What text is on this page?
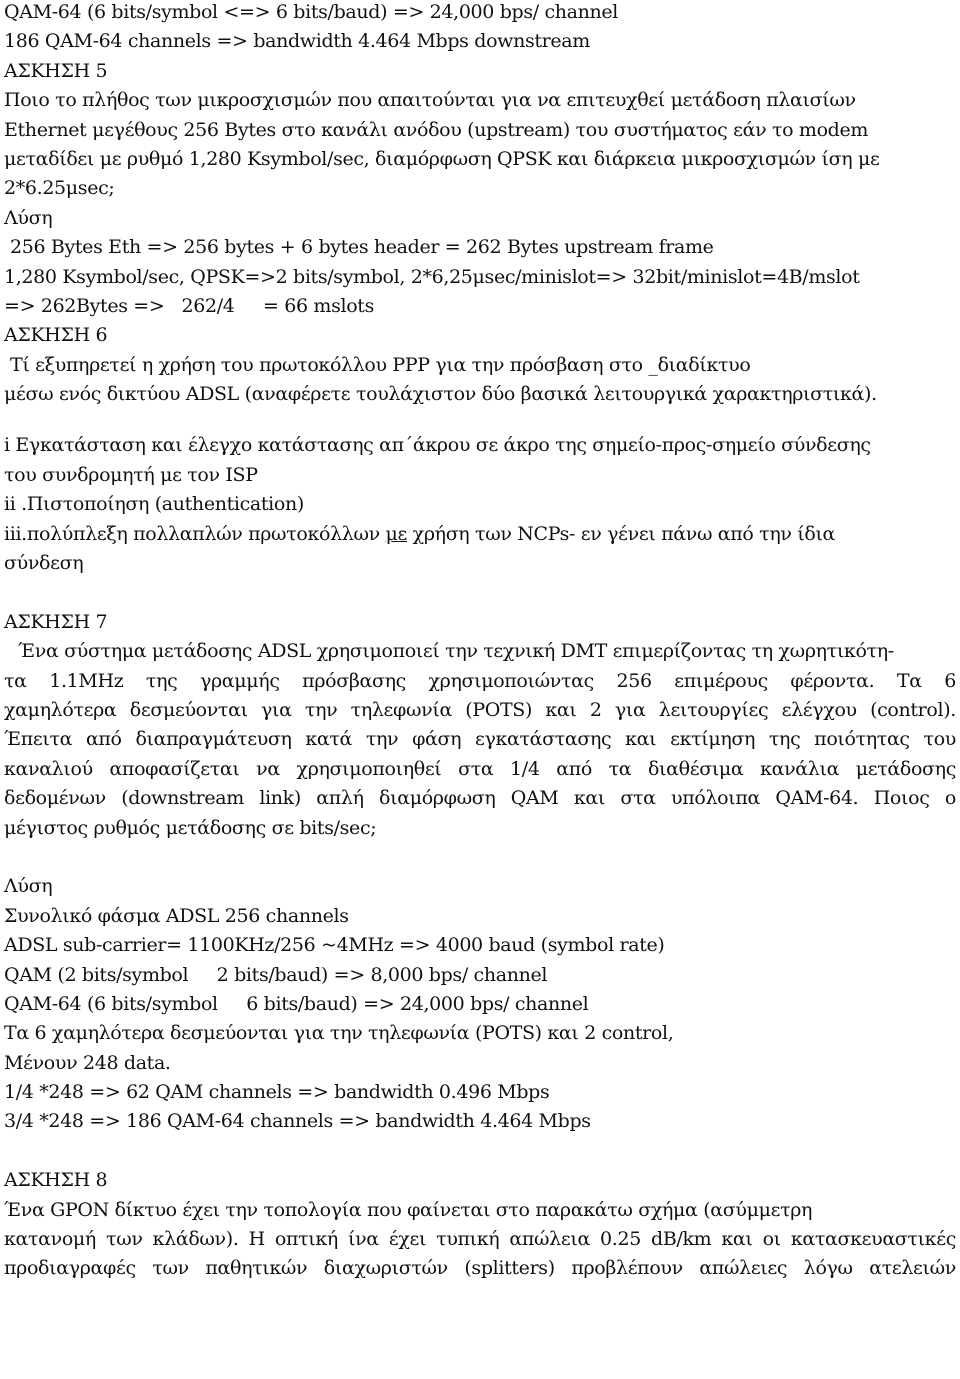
QAM-64 (6 bits/symbol <=> 6 bits/baud) => 24,000 bps/ channel
186 QAM-64 channels => bandwidth 4.464 Mbps downstream
ΑΣΚΗΣΗ 5
Ποιο το πλήθος των μικροσχισμών που απαιτούνται για να επιτευχθεί μετάδοση πλαισίων
Ethernet μεγέθους 256 Bytes στο κανάλι ανόδου (upstream) του συστήματος εάν το modem
μεταδίδει με ρυθμό 1,280 Ksymbol/sec, διαμόρφωση QPSK και διάρκεια μικροσχισμών ίση με
2*6.25μsec;
Λύση
256 Bytes Eth => 256 bytes + 6 bytes header = 262 Bytes upstream frame
1,280 Ksymbol/sec, QPSK=>2 bits/symbol, 2*6,25μsec/minislot=> 32bit/minislot=4B/mslot
=> 262Bytes =>   262/4     = 66 mslots
ΑΣΚΗΣΗ 6
Τί εξυπηρετεί η χρήση του πρωτοκόλλου PPP για την πρόσβαση στο _διαδίκτυο
μέσω ενός δικτύου ADSL (αναφέρετε τουλάχιστον δύο βασικά λειτουργικά χαρακτηριστικά).
i Εγκατάσταση και έλεγχο κατάστασης απ΄άκρου σε άκρο της σημείο-προς-σημείο σύνδεσης
του συνδρομητή με τον ISP
ii .Πιστοποίηση (authentication)
iii.πολύπλεξη πολλαπλών πρωτοκόλλων με χρήση των NCPs- εν γένει πάνω από την ίδια
σύνδεση
ΑΣΚΗΣΗ 7
Ένα σύστημα μετάδοσης ADSL χρησιμοποιεί την τεχνική DMT επιμερίζοντας τη χωρητικότη-
τα 1.1MHz της γραμμής πρόσβασης χρησιμοποιώντας 256 επιμέρους φέροντα. Τα 6
χαμηλότερα δεσμεύονται για την τηλεφωνία (POTS) και 2 για λειτουργίες ελέγχου (control).
Έπειτα από διαπραγμάτευση κατά την φάση εγκατάστασης και εκτίμηση της ποιότητας του
καναλιού αποφασίζεται να χρησιμοποιηθεί στα 1/4 από τα διαθέσιμα κανάλια μετάδοσης
δεδομένων (downstream link) απλή διαμόρφωση QAM και στα υπόλοιπα QAM-64. Ποιος ο
μέγιστος ρυθμός μετάδοσης σε bits/sec;
Λύση
Συνολικό φάσμα ADSL 256 channels
ADSL sub-carrier= 1100KHz/256 ~4MHz => 4000 baud (symbol rate)
QAM (2 bits/symbol     2 bits/baud) => 8,000 bps/ channel
QAM-64 (6 bits/symbol     6 bits/baud) => 24,000 bps/ channel
Τα 6 χαμηλότερα δεσμεύονται για την τηλεφωνία (POTS) και 2 control,
Μένουν 248 data.
1/4 *248 => 62 QAM channels => bandwidth 0.496 Mbps
3/4 *248 => 186 QAM-64 channels => bandwidth 4.464 Mbps
ΑΣΚΗΣΗ 8
Ένα GPON δίκτυο έχει την τοπολογία που φαίνεται στο παρακάτω σχήμα (ασύμμετρη
κατανομή των κλάδων). Η οπτική ίνα έχει τυπική απώλεια 0.25 dB/km και οι κατασκευαστικές
προδιαγραφές των παθητικών διαχωριστών (splitters) προβλέπουν απώλειες λόγω ατελειών
